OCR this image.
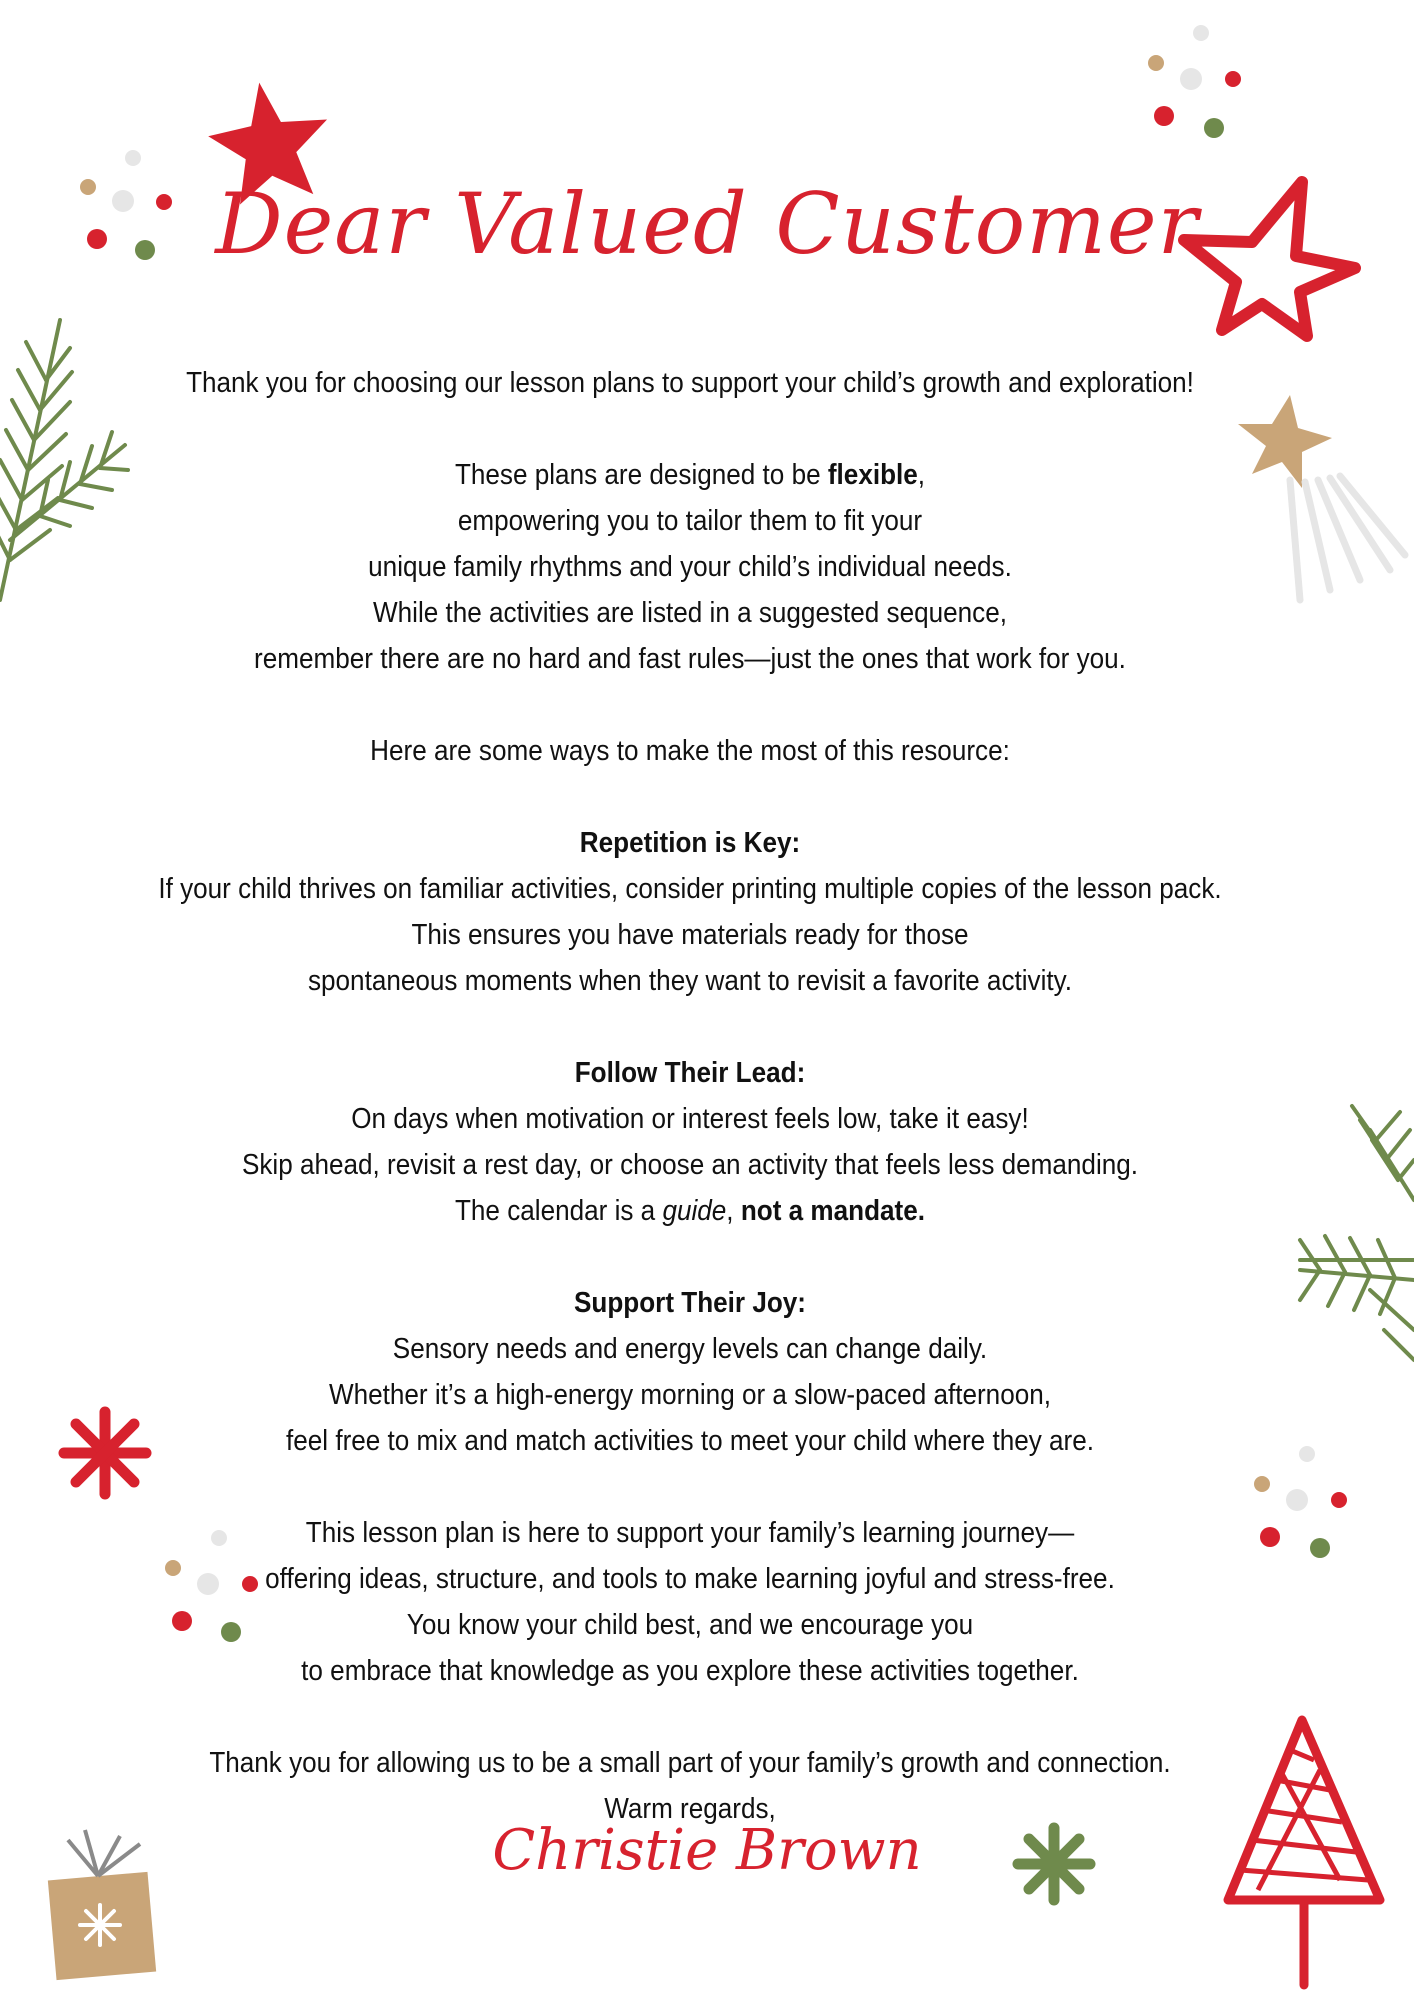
Dear Valued Customer

Thank you for choosing our lesson plans to support your child’s growth and exploration!

These plans are designed to be flexible,
empowering you to tailor them to fit your
unique family rhythms and your child’s individual needs.
While the activities are listed in a suggested sequence,
remember there are no hard and fast rules—just the ones that work for you.

Here are some ways to make the most of this resource:

Repetition is Key:
If your child thrives on familiar activities, consider printing multiple copies of the lesson pack.
This ensures you have materials ready for those
spontaneous moments when they want to revisit a favorite activity.

Follow Their Lead:
On days when motivation or interest feels low, take it easy!
Skip ahead, revisit a rest day, or choose an activity that feels less demanding.
The calendar is a guide, not a mandate.

Support Their Joy:
Sensory needs and energy levels can change daily.
Whether it’s a high-energy morning or a slow-paced afternoon,
feel free to mix and match activities to meet your child where they are.

This lesson plan is here to support your family’s learning journey—
offering ideas, structure, and tools to make learning joyful and stress-free.
You know your child best, and we encourage you
to embrace that knowledge as you explore these activities together.

Thank you for allowing us to be a small part of your family’s growth and connection.
Warm regards,

Christie Brown
